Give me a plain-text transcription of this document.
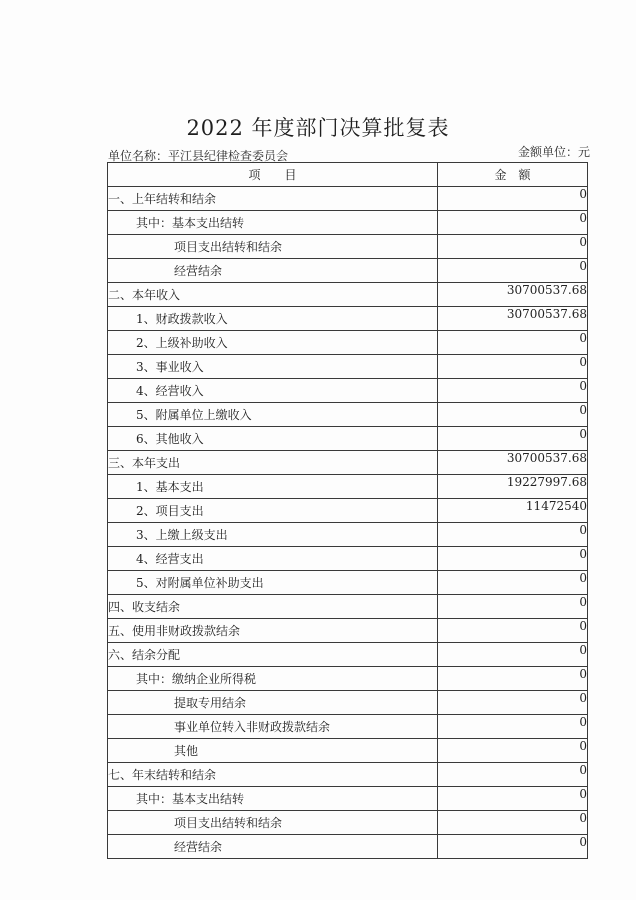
2022 年度部门决算批复表
单位名称：平江县纪律检查委员会	金额单位：元
项　　目	金　额
一、上年结转和结余	0
其中：基本支出结转	0
项目支出结转和结余	0
经营结余	0
二、本年收入	30700537.68
1、财政拨款收入	30700537.68
2、上级补助收入	0
3、事业收入	0
4、经营收入	0
5、附属单位上缴收入	0
6、其他收入	0
三、本年支出	30700537.68
1、基本支出	19227997.68
2、项目支出	11472540
3、上缴上级支出	0
4、经营支出	0
5、对附属单位补助支出	0
四、收支结余	0
五、使用非财政拨款结余	0
六、结余分配	0
其中：缴纳企业所得税	0
提取专用结余	0
事业单位转入非财政拨款结余	0
其他	0
七、年末结转和结余	0
其中：基本支出结转	0
项目支出结转和结余	0
经营结余	0
